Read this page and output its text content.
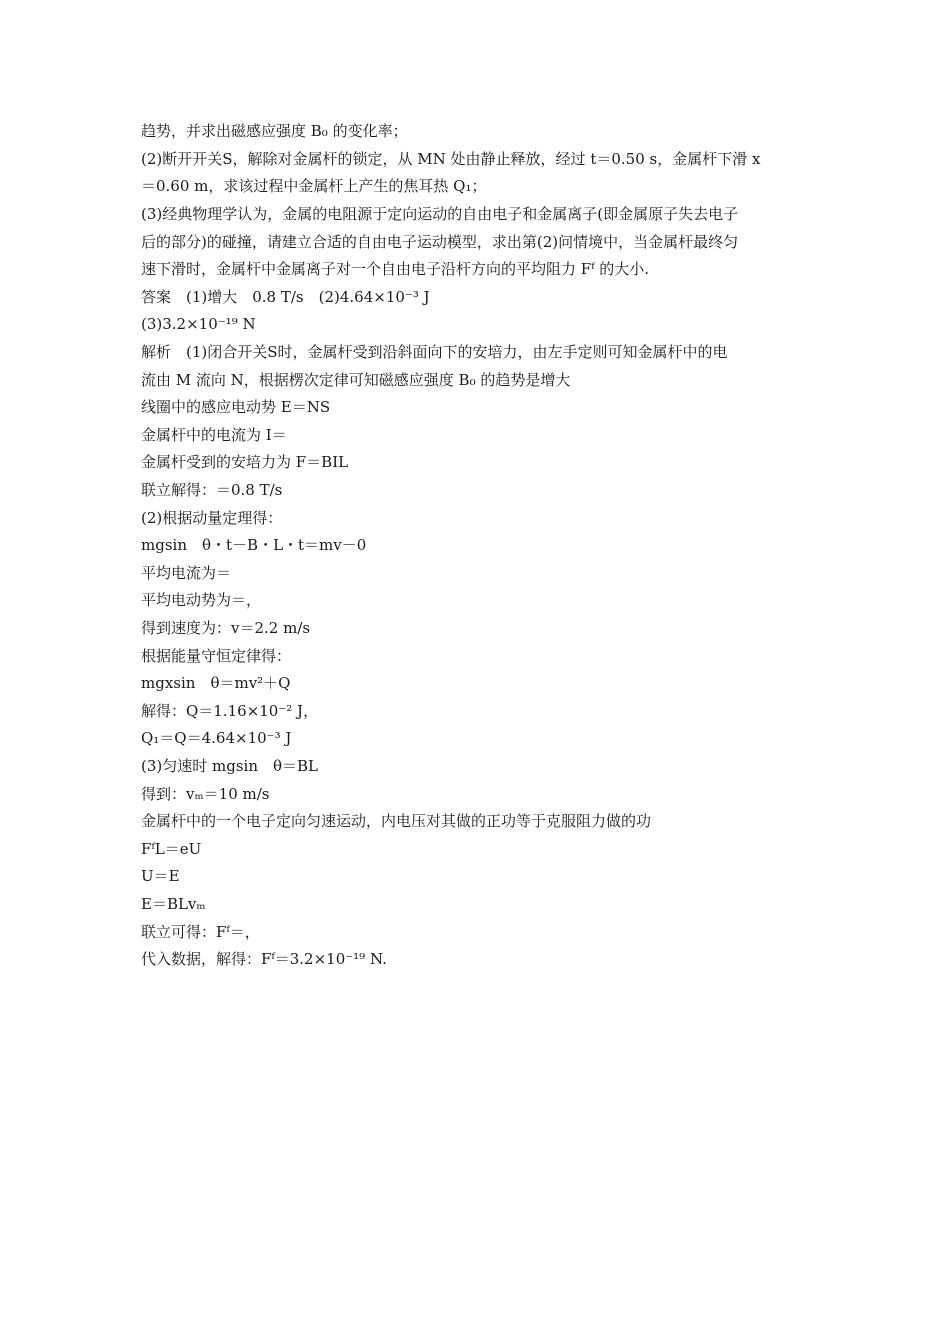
趋势，并求出磁感应强度 B₀ 的变化率；
(2)断开开关S，解除对金属杆的锁定，从 MN 处由静止释放，经过 t＝0.50 s，金属杆下滑 x
＝0.60 m，求该过程中金属杆上产生的焦耳热 Q₁；
(3)经典物理学认为，金属的电阻源于定向运动的自由电子和金属离子(即金属原子失去电子
后的部分)的碰撞，请建立合适的自由电子运动模型，求出第(2)问情境中，当金属杆最终匀
速下滑时，金属杆中金属离子对一个自由电子沿杆方向的平均阻力 Fᶠ 的大小.
答案　(1)增大　0.8 T/s　(2)4.64×10⁻³ J
(3)3.2×10⁻¹⁹ N
解析　(1)闭合开关S时，金属杆受到沿斜面向下的安培力，由左手定则可知金属杆中的电
流由 M 流向 N，根据楞次定律可知磁感应强度 B₀ 的趋势是增大
线圈中的感应电动势 E＝NS
金属杆中的电流为 I＝
金属杆受到的安培力为 F＝BIL
联立解得：＝0.8 T/s
(2)根据动量定理得：
mgsin　θ・t－B・L・t＝mv－0
平均电流为＝
平均电动势为＝，
得到速度为：v＝2.2 m/s
根据能量守恒定律得：
mgxsin　θ＝mv²＋Q
解得：Q＝1.16×10⁻² J，
Q₁＝Q＝4.64×10⁻³ J
(3)匀速时 mgsin　θ＝BL
得到：vₘ＝10 m/s
金属杆中的一个电子定向匀速运动，内电压对其做的正功等于克服阻力做的功
FᶠL＝eU
U＝E
E＝BLvₘ
联立可得：Fᶠ＝，
代入数据，解得：Fᶠ＝3.2×10⁻¹⁹ N.
